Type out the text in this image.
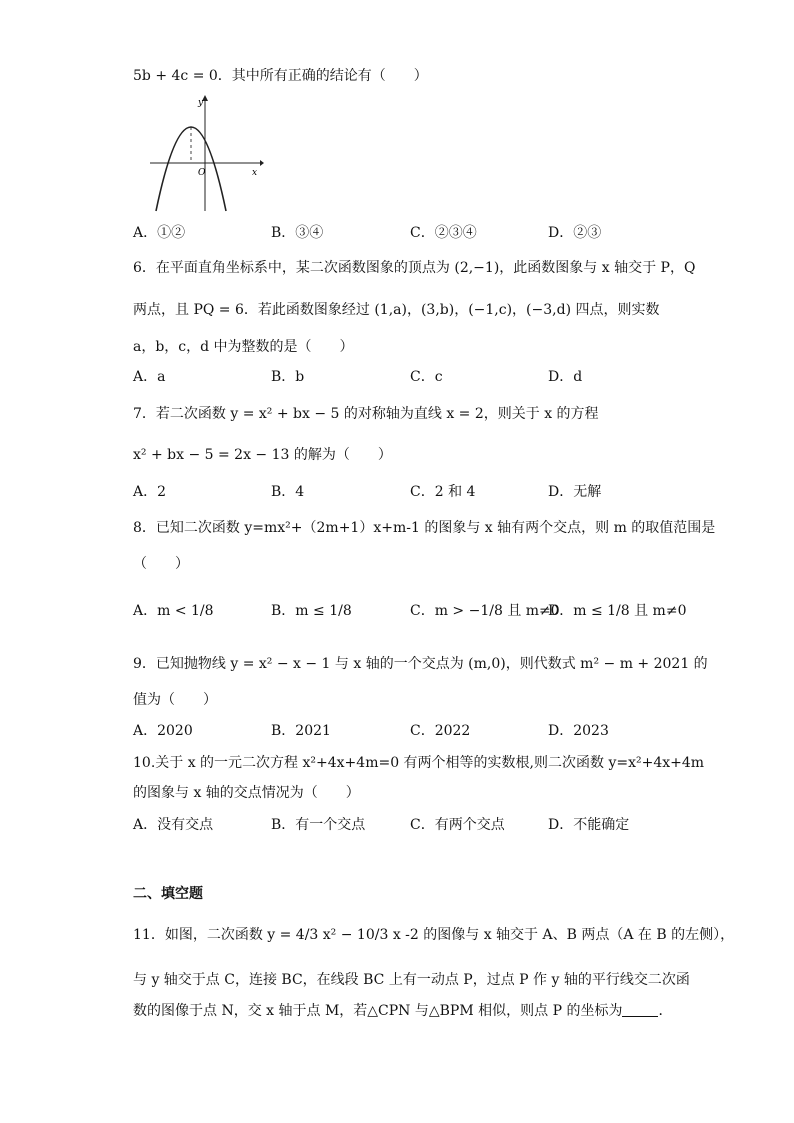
5b + 4c = 0．其中所有正确的结论有（　　）
y
x
O
A．①②	B．③④	C．②③④	D．②③
6．在平面直角坐标系中，某二次函数图象的顶点为 (2,−1)，此函数图象与 x 轴交于 P，Q
两点，且 PQ = 6．若此函数图象经过 (1,a)，(3,b)，(−1,c)，(−3,d) 四点，则实数
a，b，c，d 中为整数的是（　　）
A．a	B．b	C．c	D．d
7．若二次函数 y = x² + bx − 5 的对称轴为直线 x = 2，则关于 x 的方程
x² + bx − 5 = 2x − 13 的解为（　　）
A．2	B．4	C．2 和 4	D．无解
8．已知二次函数 y=mx²+（2m+1）x+m-1 的图象与 x 轴有两个交点，则 m 的取值范围是
（　　）
A．m < 1/8	B．m ≤ 1/8	C．m > −1/8 且 m≠0
D．m ≤ 1/8 且 m≠0
9．已知抛物线 y = x² − x − 1 与 x 轴的一个交点为 (m,0)，则代数式 m² − m + 2021 的
值为（　　）
A．2020	B．2021	C．2022	D．2023
10.关于 x 的一元二次方程 x²+4x+4m=0 有两个相等的实数根,则二次函数 y=x²+4x+4m
的图象与 x 轴的交点情况为（　　）
A．没有交点	B．有一个交点	C．有两个交点	D．不能确定
二、填空题
11．如图，二次函数 y = 4/3 x² − 10/3 x -2 的图像与 x 轴交于 A、B 两点（A 在 B 的左侧），
与 y 轴交于点 C，连接 BC，在线段 BC 上有一动点 P，过点 P 作 y 轴的平行线交二次函
数的图像于点 N，交 x 轴于点 M，若△CPN 与△BPM 相似，则点 P 的坐标为	．
